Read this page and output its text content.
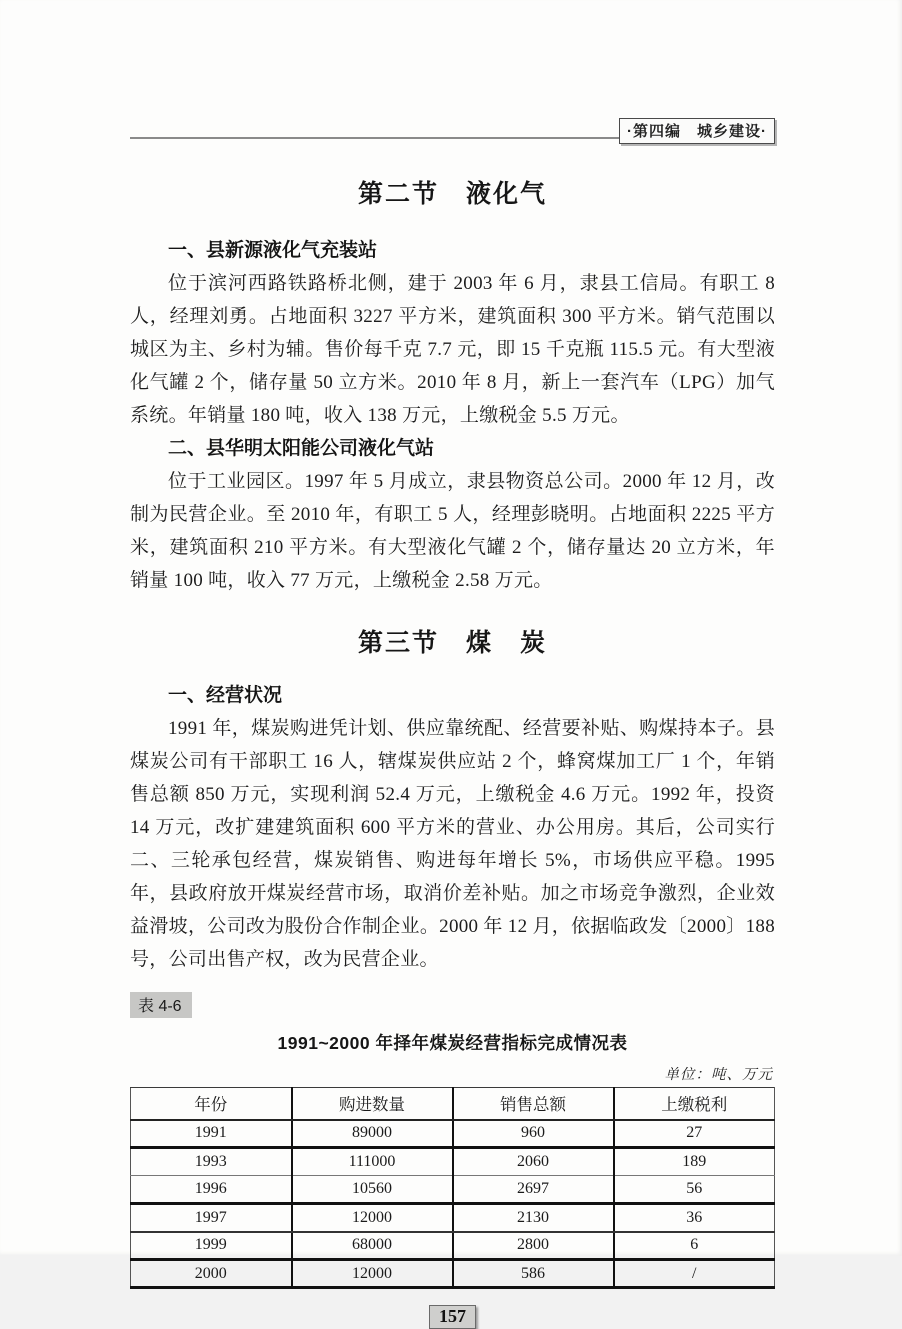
·第四编　城乡建设·
第二节　液化气
一、县新源液化气充装站

位于滨河西路铁路桥北侧，建于 2003 年 6 月，隶县工信局。有职工 8 人，经理刘勇。占地面积 3227 平方米，建筑面积 300 平方米。销气范围以城区为主、乡村为辅。售价每千克 7.7 元，即 15 千克瓶 115.5 元。有大型液化气罐 2 个，储存量 50 立方米。2010 年 8 月，新上一套汽车（LPG）加气系统。年销量 180 吨，收入 138 万元，上缴税金 5.5 万元。

二、县华明太阳能公司液化气站

位于工业园区。1997 年 5 月成立，隶县物资总公司。2000 年 12 月，改制为民营企业。至 2010 年，有职工 5 人，经理彭晓明。占地面积 2225 平方米，建筑面积 210 平方米。有大型液化气罐 2 个，储存量达 20 立方米，年销量 100 吨，收入 77 万元，上缴税金 2.58 万元。

第三节　煤　炭
一、经营状况

1991 年，煤炭购进凭计划、供应靠统配、经营要补贴、购煤持本子。县煤炭公司有干部职工 16 人，辖煤炭供应站 2 个，蜂窝煤加工厂 1 个，年销售总额 850 万元，实现利润 52.4 万元，上缴税金 4.6 万元。1992 年，投资 14 万元，改扩建建筑面积 600 平方米的营业、办公用房。其后，公司实行二、三轮承包经营，煤炭销售、购进每年增长 5%，市场供应平稳。1995 年，县政府放开煤炭经营市场，取消价差补贴。加之市场竞争激烈，企业效益滑坡，公司改为股份合作制企业。2000 年 12 月，依据临政发〔2000〕188 号，公司出售产权，改为民营企业。

表 4-6
1991~2000 年择年煤炭经营指标完成情况表
单位：吨、万元
年份	购进数量	销售总额	上缴税利
1991	89000	960	27
1993	111000	2060	189
1996	10560	2697	56
1997	12000	2130	36
1999	68000	2800	6
2000	12000	586	/
157
